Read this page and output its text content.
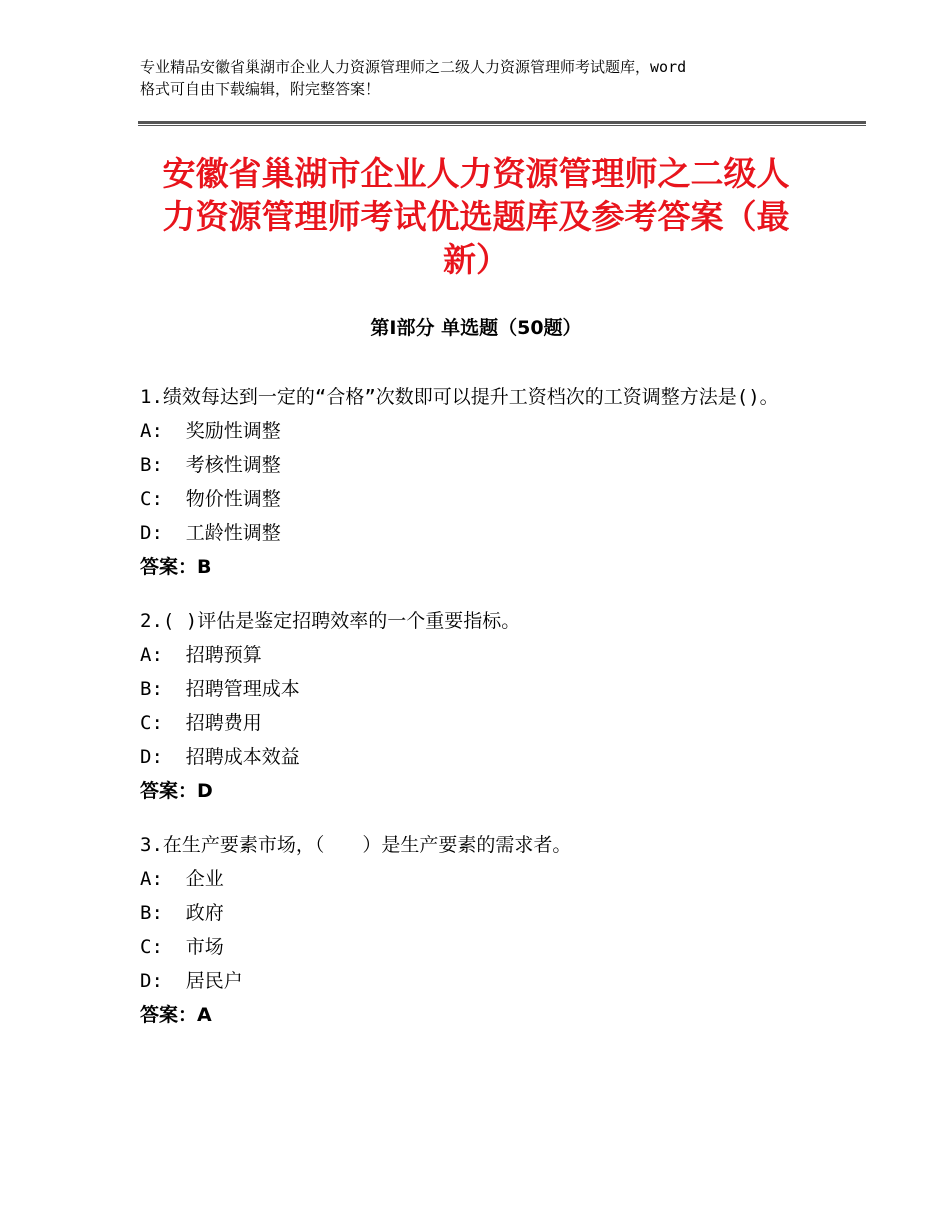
专业精品安徽省巢湖市企业人力资源管理师之二级人力资源管理师考试题库，word
格式可自由下载编辑，附完整答案！
安徽省巢湖市企业人力资源管理师之二级人
力资源管理师考试优选题库及参考答案（最
新）
第Ⅰ部分 单选题（50题）
1.绩效每达到一定的“合格”次数即可以提升工资档次的工资调整方法是()。
A:  奖励性调整
B:  考核性调整
C:  物价性调整
D:  工龄性调整
答案：B
2.( )评估是鉴定招聘效率的一个重要指标。
A:  招聘预算
B:  招聘管理成本
C:  招聘费用
D:  招聘成本效益
答案：D
3.在生产要素市场，（　　）是生产要素的需求者。
A:  企业
B:  政府
C:  市场
D:  居民户
答案：A
